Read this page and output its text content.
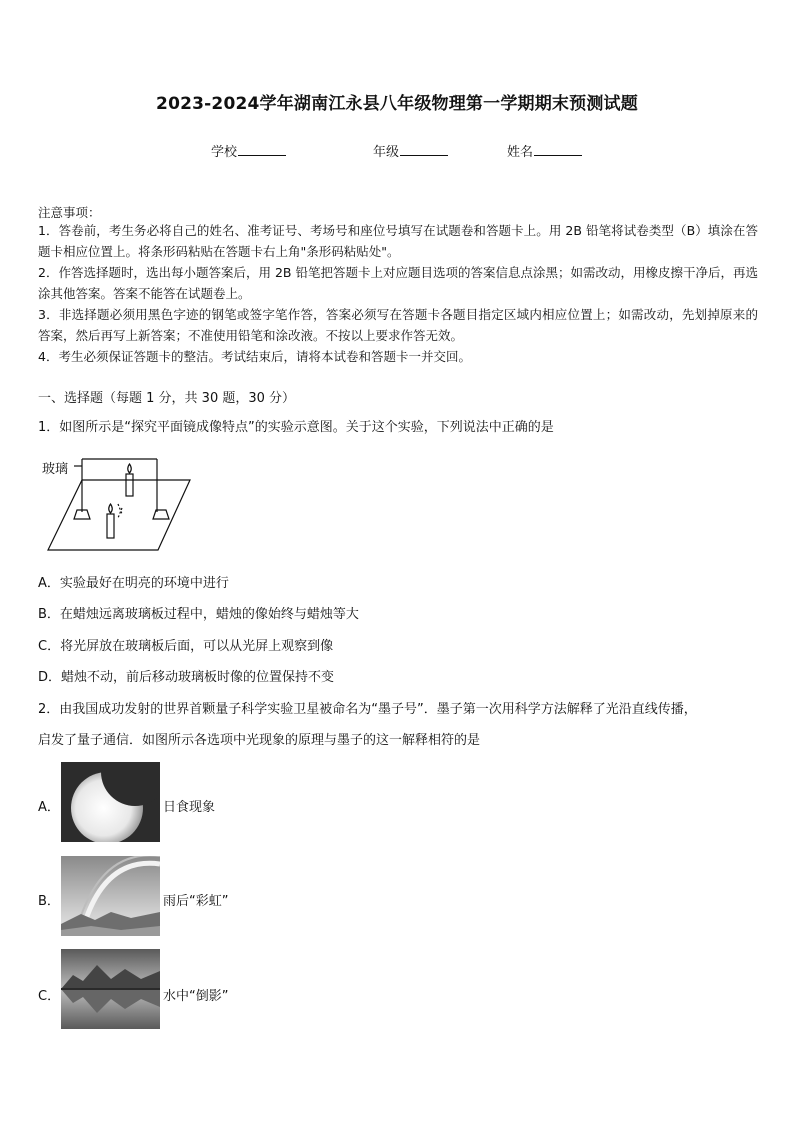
2023-2024学年湖南江永县八年级物理第一学期期末预测试题
学校	年级	姓名
注意事项：

1．答卷前，考生务必将自己的姓名、准考证号、考场号和座位号填写在试题卷和答题卡上。用 2B 铅笔将试卷类型（B）填涂在答题卡相应位置上。将条形码粘贴在答题卡右上角"条形码粘贴处"。

2．作答选择题时，选出每小题答案后，用 2B 铅笔把答题卡上对应题目选项的答案信息点涂黑；如需改动，用橡皮擦干净后，再选涂其他答案。答案不能答在试题卷上。

3．非选择题必须用黑色字迹的钢笔或签字笔作答，答案必须写在答题卡各题目指定区域内相应位置上；如需改动，先划掉原来的答案，然后再写上新答案；不准使用铅笔和涂改液。不按以上要求作答无效。

4．考生必须保证答题卡的整洁。考试结束后，请将本试卷和答题卡一并交回。

一、选择题（每题 1 分，共 30 题，30 分）
1．如图所示是“探究平面镜成像特点”的实验示意图。关于这个实验，下列说法中正确的是
玻璃
A．实验最好在明亮的环境中进行
B．在蜡烛远离玻璃板过程中，蜡烛的像始终与蜡烛等大
C．将光屏放在玻璃板后面，可以从光屏上观察到像
D．蜡烛不动，前后移动玻璃板时像的位置保持不变
2．由我国成功发射的世界首颗量子科学实验卫星被命名为“墨子号”．墨子第一次用科学方法解释了光沿直线传播，
启发了量子通信．如图所示各选项中光现象的原理与墨子的这一解释相符的是
A．	日食现象
B．	雨后“彩虹”
C．	水中“倒影”
